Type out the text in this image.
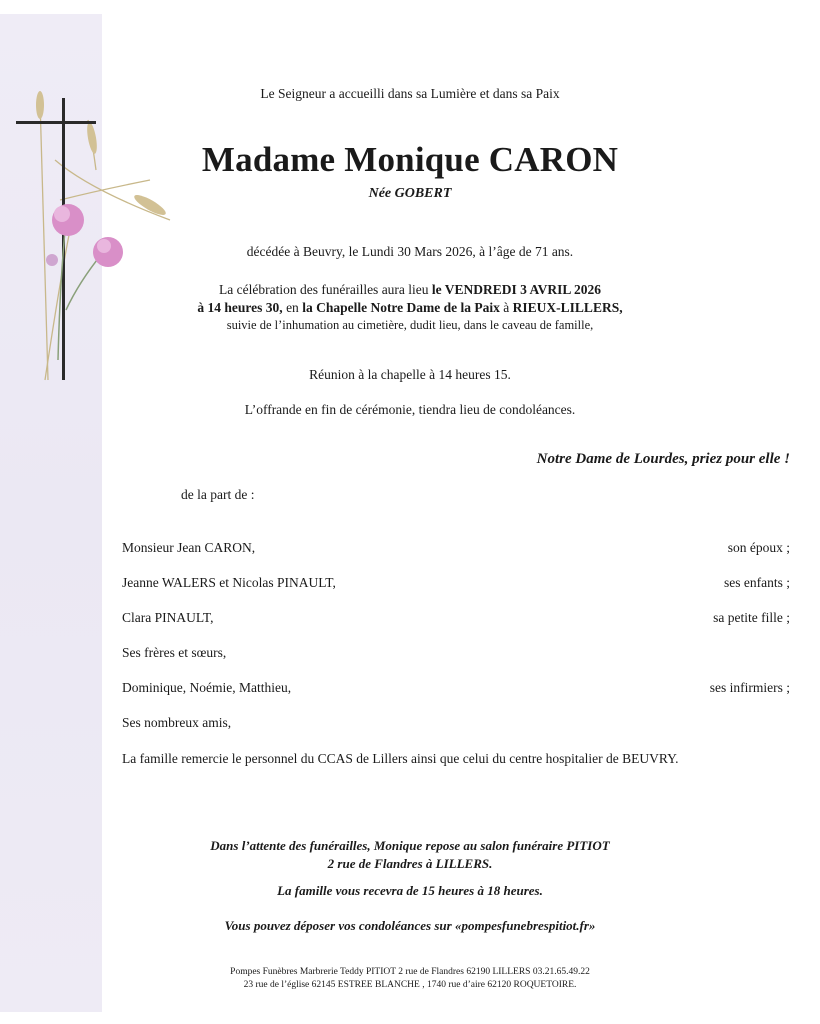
Le Seigneur a accueilli dans sa Lumière et dans sa Paix
Madame Monique CARON
Née GOBERT
décédée à Beuvry, le Lundi 30 Mars 2026, à l’âge de 71 ans.
La célébration des funérailles aura lieu le VENDREDI 3 AVRIL 2026
à 14 heures 30, en la Chapelle Notre Dame de la Paix à RIEUX-LILLERS,
suivie de l’inhumation au cimetière, dudit lieu, dans le caveau de famille,
Réunion à la chapelle à 14 heures 15.
L’offrande en fin de cérémonie, tiendra lieu de condoléances.
Notre Dame de Lourdes, priez pour elle !
de la part de :
Monsieur Jean CARON,	son époux ;
Jeanne WALERS et Nicolas PINAULT,	ses enfants ;
Clara PINAULT,	sa petite fille ;
Ses frères et sœurs,
Dominique, Noémie, Matthieu,	ses infirmiers ;
Ses nombreux amis,
La famille remercie le personnel du CCAS de Lillers ainsi que celui du centre hospitalier de BEUVRY.
Dans l’attente des funérailles, Monique repose au salon funéraire PITIOT
2 rue de Flandres à LILLERS.
La famille vous recevra de 15 heures à 18 heures.
Vous pouvez déposer vos condoléances sur «pompesfunebrespitiot.fr»
Pompes Funèbres Marbrerie Teddy PITIOT 2 rue de Flandres 62190 LILLERS 03.21.65.49.22
23 rue de l’église 62145 ESTREE BLANCHE , 1740 rue d’aire 62120 ROQUETOIRE.
